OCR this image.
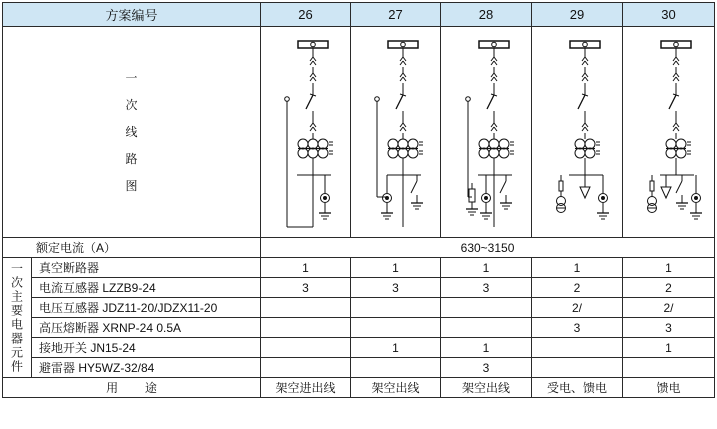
方案编号		26	27	28	29	30

一
次
线
路
图

额定电流（A）		630~3150				
一次主要电器元件	真空断路器	1	1	1	1	1
	电流互感器 LZZB9-24	3	3	3	2	2
	电压互感器 JDZ11-20/JDZX11-20				2/	2/
	高压熔断器 XRNP-24 0.5A				3	3
	接地开关 JN15-24		1	1		1
	避雷器 HY5WZ-32/84			3		
用        途		架空进出线	架空出线	架空出线	受电、馈电	馈电
